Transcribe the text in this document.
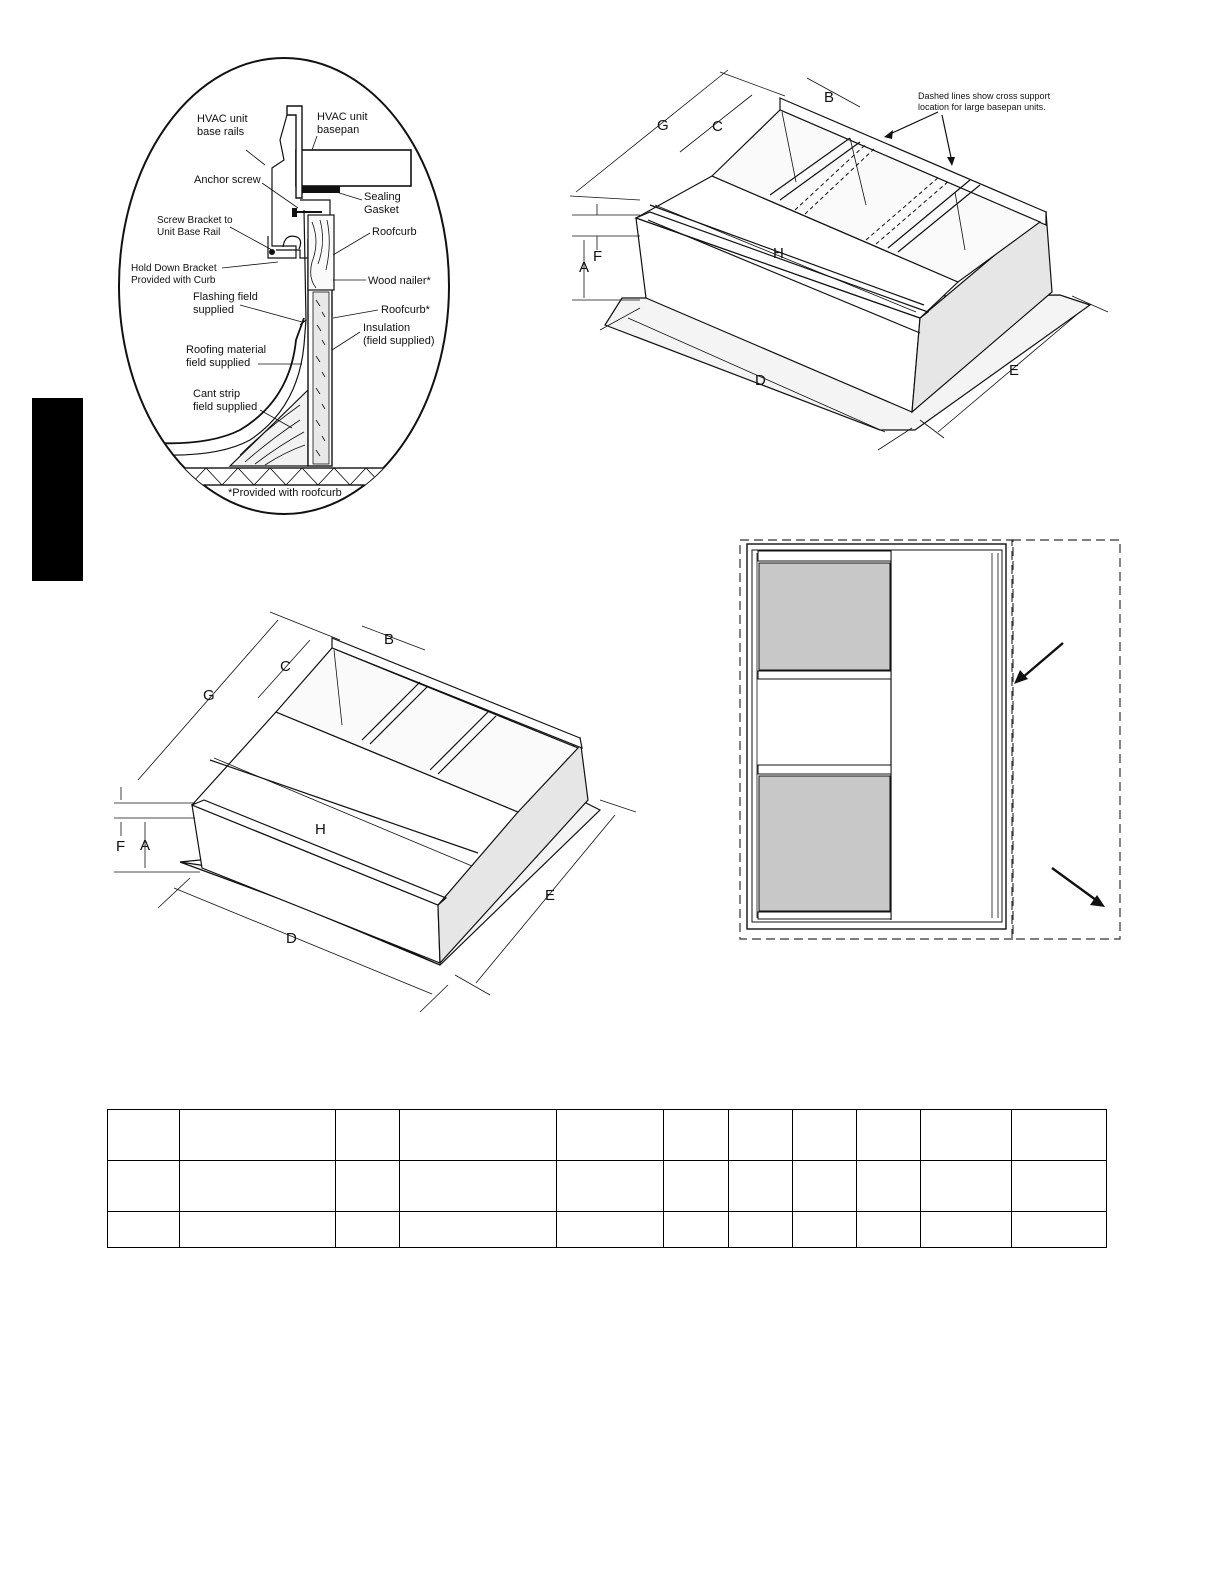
HVAC unit
base rails
HVAC unit
basepan
Anchor screw
Sealing
Gasket
Screw Bracket to
Unit Base Rail	Roofcurb
Hold Down Bracket
Provided with Curb	Wood nailer*
Flashing field
supplied	Roofcurb*
Insulation
(field supplied)
Roofing material
field supplied
Cant strip
field supplied
*Provided with roofcurb
Dashed lines show cross support
location for large basepan units.
B
C
G
H
A
F
D
E
B
C
G
H
A
F
D
E
